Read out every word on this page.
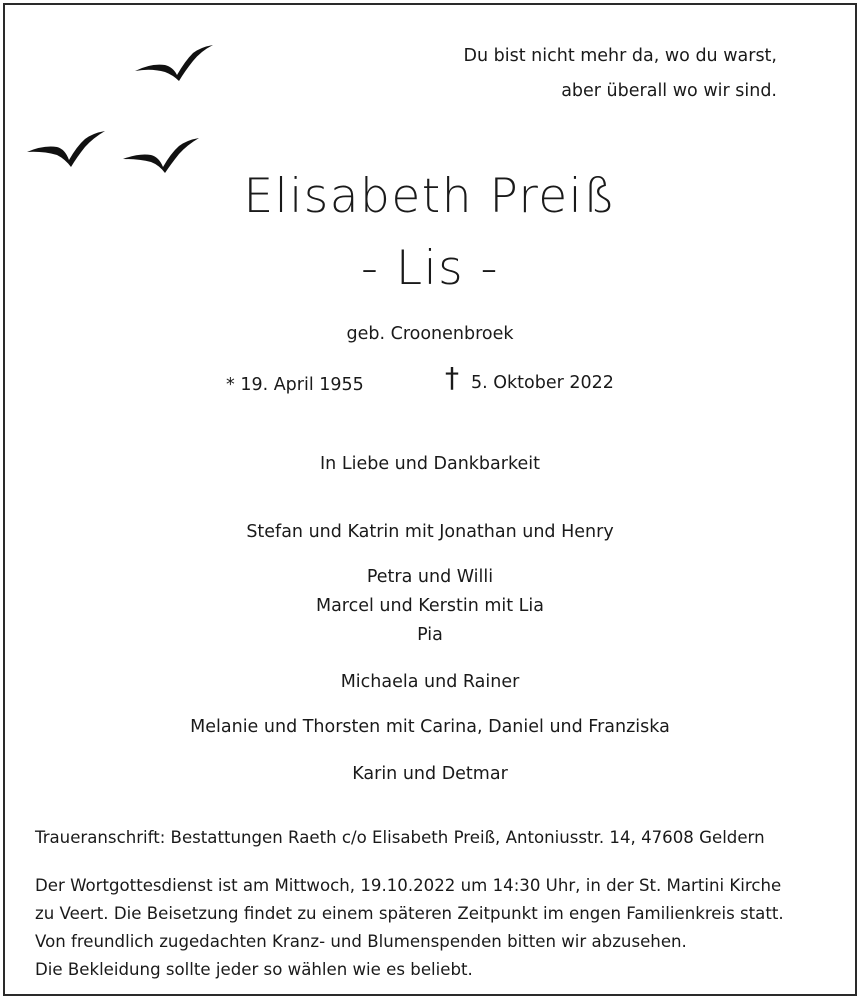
Du bist nicht mehr da, wo du warst,
aber überall wo wir sind.
Elisabeth Preiß
- Lis -
geb. Croonenbroek
* 19. April 1955	† 5. Oktober 2022
In Liebe und Dankbarkeit
Stefan und Katrin mit Jonathan und Henry
Petra und Willi
Marcel und Kerstin mit Lia
Pia
Michaela und Rainer
Melanie und Thorsten mit Carina, Daniel und Franziska
Karin und Detmar
Traueranschrift: Bestattungen Raeth c/o Elisabeth Preiß, Antoniusstr. 14, 47608 Geldern
Der Wortgottesdienst ist am Mittwoch, 19.10.2022 um 14:30 Uhr, in der St. Martini Kirche
zu Veert. Die Beisetzung findet zu einem späteren Zeitpunkt im engen Familienkreis statt.
Von freundlich zugedachten Kranz- und Blumenspenden bitten wir abzusehen.
Die Bekleidung sollte jeder so wählen wie es beliebt.
